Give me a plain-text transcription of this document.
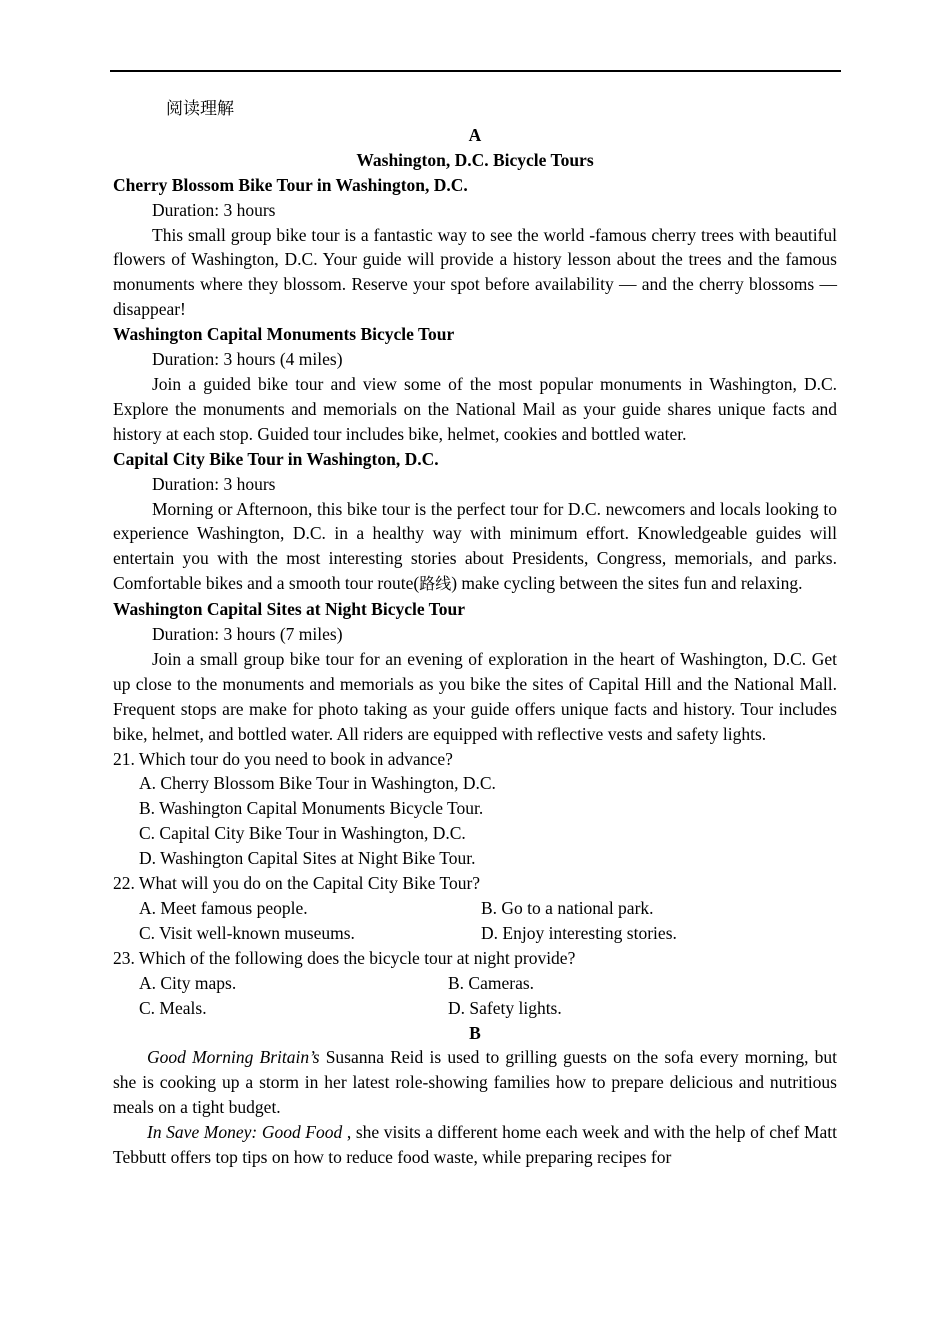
阅读理解
A
Washington, D.C. Bicycle Tours
Cherry Blossom Bike Tour in Washington, D.C.
Duration: 3 hours
This small group bike tour is a fantastic way to see the world -famous cherry trees with beautiful flowers of Washington, D.C. Your guide will provide a history lesson about the trees and the famous monuments where they blossom. Reserve your spot before availability — and the cherry blossoms — disappear!
Washington Capital Monuments Bicycle Tour
Duration: 3 hours (4 miles)
Join a guided bike tour and view some of the most popular monuments in Washington, D.C. Explore the monuments and memorials on the National Mail as your guide shares unique facts and history at each stop. Guided tour includes bike, helmet, cookies and bottled water.
Capital City Bike Tour in Washington, D.C.
Duration: 3 hours
Morning or Afternoon, this bike tour is the perfect tour for D.C. newcomers and locals looking to experience Washington, D.C. in a healthy way with minimum effort. Knowledgeable guides will entertain you with the most interesting stories about Presidents, Congress, memorials, and parks. Comfortable bikes and a smooth tour route(路线) make cycling between the sites fun and relaxing.
Washington Capital Sites at Night Bicycle Tour
Duration: 3 hours (7 miles)
Join a small group bike tour for an evening of exploration in the heart of Washington, D.C. Get up close to the monuments and memorials as you bike the sites of Capital Hill and the National Mall. Frequent stops are make for photo taking as your guide offers unique facts and history. Tour includes bike, helmet, and bottled water. All riders are equipped with reflective vests and safety lights.
21. Which tour do you need to book in advance?
A. Cherry Blossom Bike Tour in Washington, D.C.
B. Washington Capital Monuments Bicycle Tour.
C. Capital City Bike Tour in Washington, D.C.
D. Washington Capital Sites at Night Bike Tour.
22. What will you do on the Capital City Bike Tour?
A. Meet famous people.	B. Go to a national park.
C. Visit well-known museums.	D. Enjoy interesting stories.
23. Which of the following does the bicycle tour at night provide?
A. City maps.	B. Cameras.
C. Meals.	D. Safety lights.
B
Good Morning Britain’s Susanna Reid is used to grilling guests on the sofa every morning, but she is cooking up a storm in her latest role-showing families how to prepare delicious and nutritious meals on a tight budget.
In Save Money: Good Food , she visits a different home each week and with the help of chef Matt Tebbutt offers top tips on how to reduce food waste, while preparing recipes for
